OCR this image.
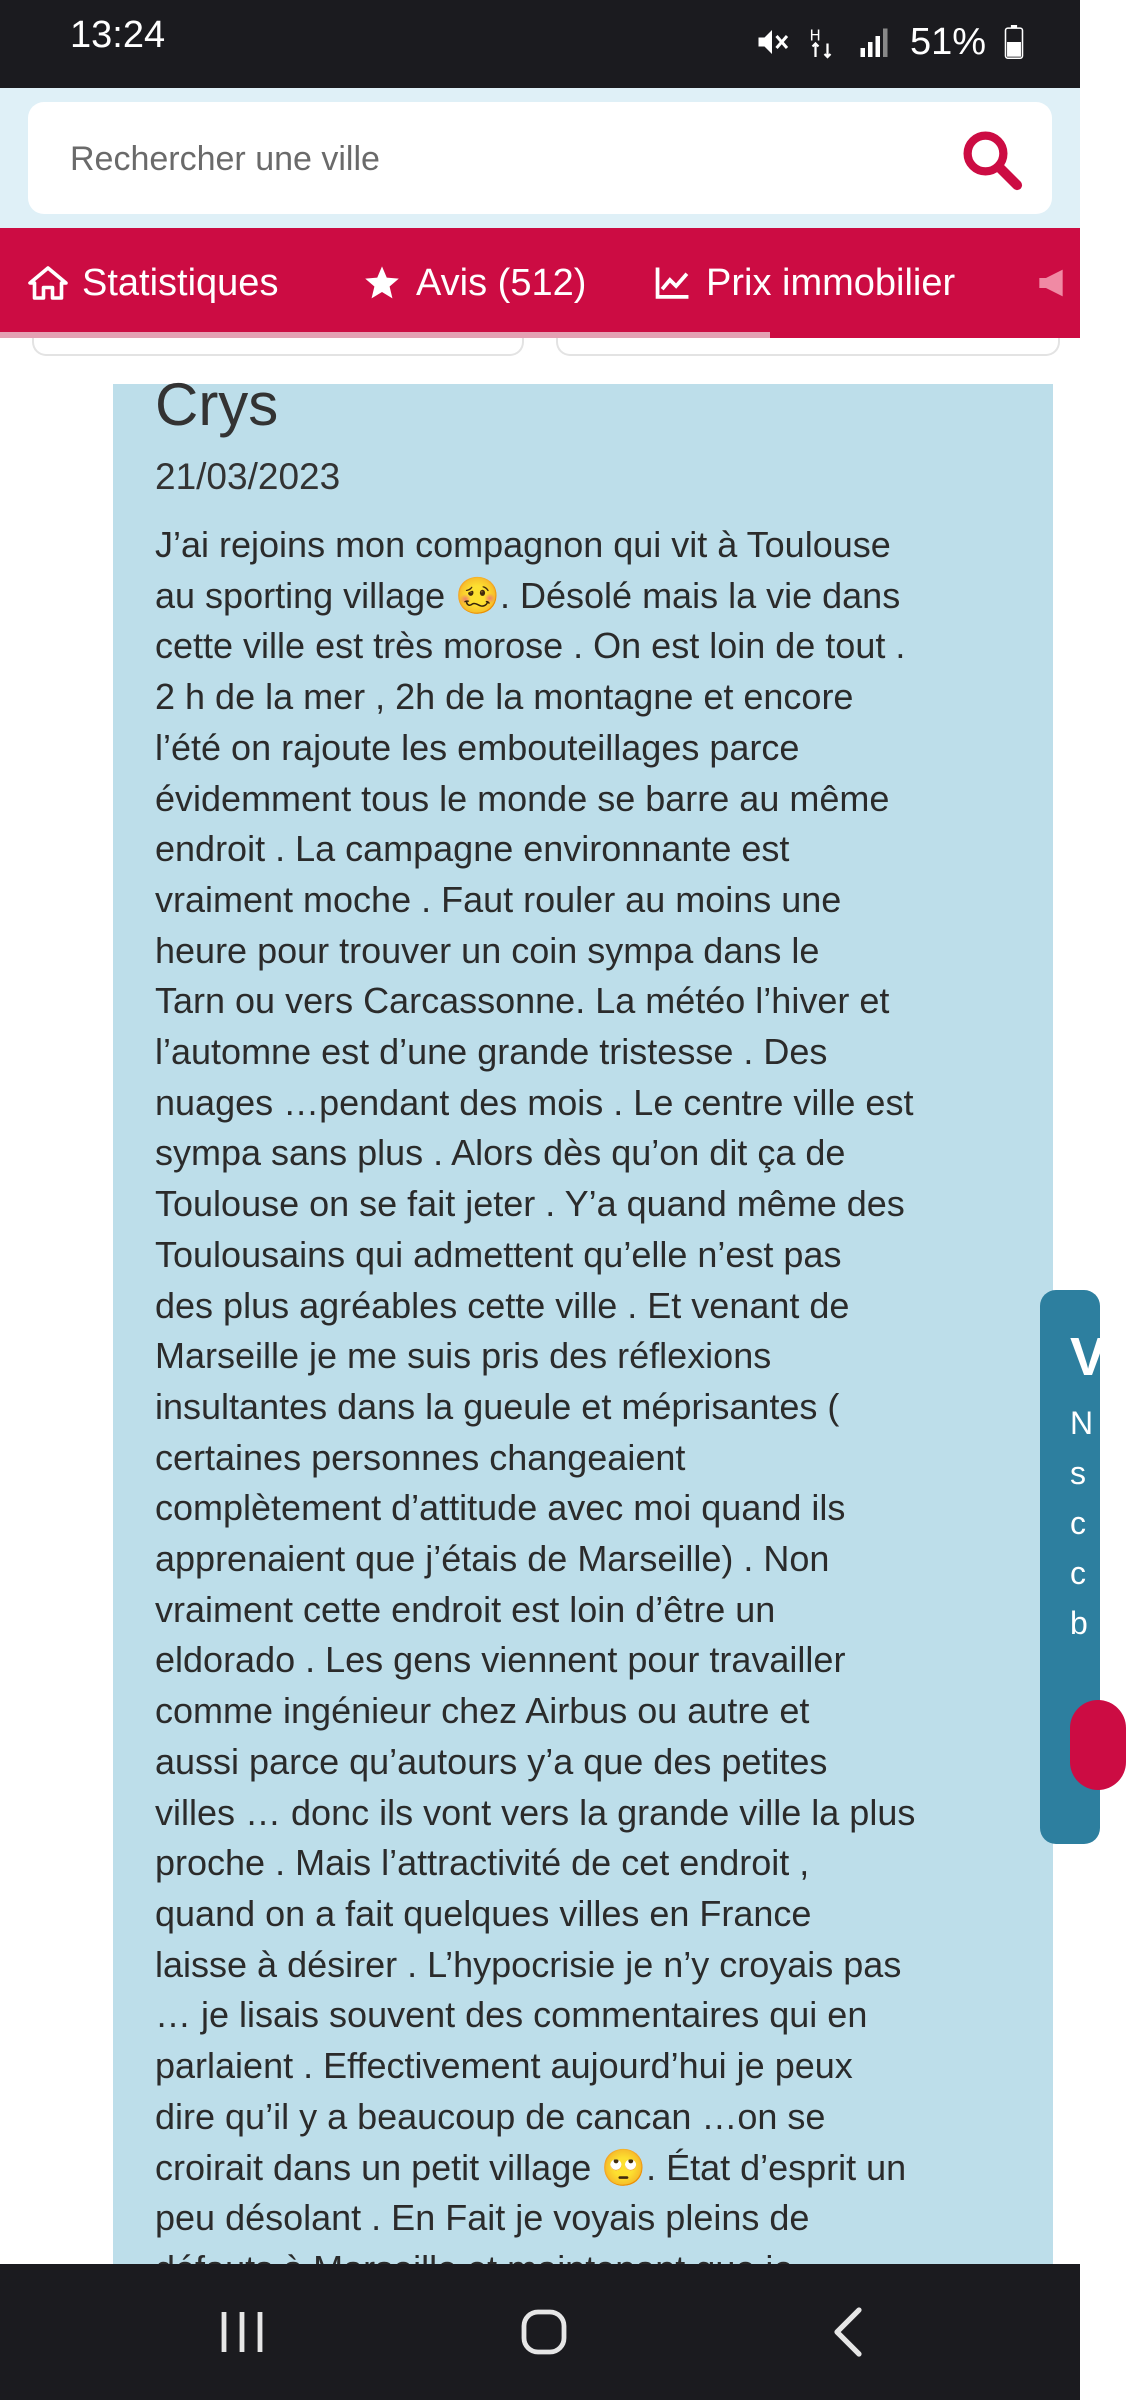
13:24	H 51%
Rechercher une ville
Statistiques	Avis (512)	Prix immobilier
Crys
21/03/2023
J’ai rejoins mon compagnon qui vit à Toulouse
au sporting village 🥴. Désolé mais la vie dans
cette ville est très morose . On est loin de tout .
2 h de la mer , 2h de la montagne et encore
l’été on rajoute les embouteillages parce
évidemment tous le monde se barre au même
endroit . La campagne environnante est
vraiment moche . Faut rouler au moins une
heure pour trouver un coin sympa dans le
Tarn ou vers Carcassonne. La météo l’hiver et
l’automne est d’une grande tristesse . Des
nuages …pendant des mois . Le centre ville est
sympa sans plus . Alors dès qu’on dit ça de
Toulouse on se fait jeter . Y’a quand même des
Toulousains qui admettent qu’elle n’est pas
des plus agréables cette ville . Et venant de
Marseille je me suis pris des réflexions
insultantes dans la gueule et méprisantes (
certaines personnes changeaient
complètement d’attitude avec moi quand ils
apprenaient que j’étais de Marseille) . Non
vraiment cette endroit est loin d’être un
eldorado . Les gens viennent pour travailler
comme ingénieur chez Airbus ou autre et
aussi parce qu’autours y’a que des petites
villes … donc ils vont vers la grande ville la plus
proche . Mais l’attractivité de cet endroit ,
quand on a fait quelques villes en France
laisse à désirer . L’hypocrisie je n’y croyais pas
… je lisais souvent des commentaires qui en
parlaient . Effectivement aujourd’hui je peux
dire qu’il y a beaucoup de cancan …on se
croirait dans un petit village 🙄. État d’esprit un
peu désolant . En Fait je voyais pleins de
V
N
s
c
c
b
